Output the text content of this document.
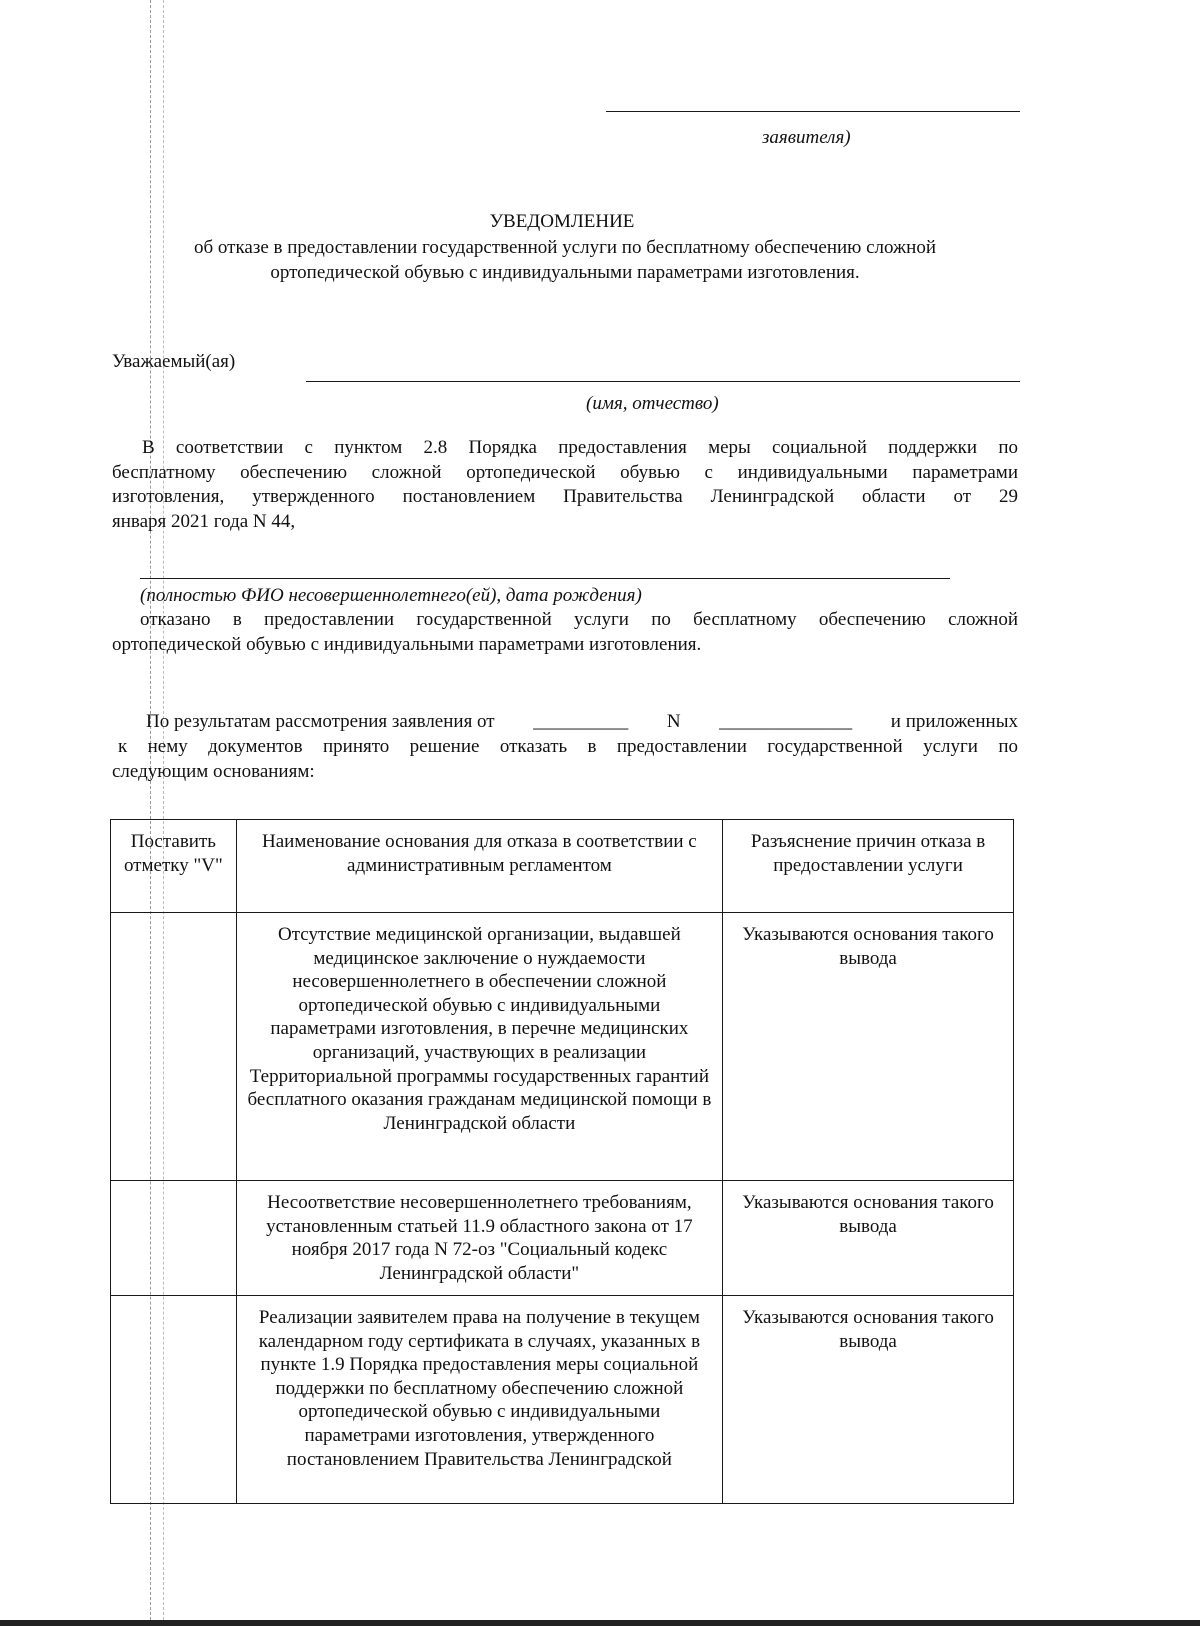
заявителя)
УВЕДОМЛЕНИЕ
об отказе в предоставлении государственной услуги по бесплатному обеспечению сложной
ортопедической обувью с индивидуальными параметрами изготовления.
Уважаемый(ая)
(имя, отчество)
В соответствии с пунктом 2.8 Порядка предоставления меры социальной поддержки по
бесплатному обеспечению сложной ортопедической обувью с индивидуальными параметрами
изготовления, утвержденного постановлением Правительства Ленинградской области от 29
января 2021 года N 44,
(полностью ФИО несовершеннолетнего(ей), дата рождения)
отказано в предоставлении государственной услуги по бесплатному обеспечению сложной
ортопедической обувью с индивидуальными параметрами изготовления.
По результатам рассмотрения заявления от __________ N ______________ и приложенных
к нему документов принято решение отказать в предоставлении государственной услуги по
следующим основаниям:
Поставить отметку "V"	Наименование основания для отказа в соответствии с административным регламентом	Разъяснение причин отказа в предоставлении услуги
	Отсутствие медицинской организации, выдавшей медицинское заключение о нуждаемости несовершеннолетнего в обеспечении сложной ортопедической обувью с индивидуальными параметрами изготовления, в перечне медицинских организаций, участвующих в реализации Территориальной программы государственных гарантий бесплатного оказания гражданам медицинской помощи в Ленинградской области	Указываются основания такого вывода
	Несоответствие несовершеннолетнего требованиям, установленным статьей 11.9 областного закона от 17 ноября 2017 года N 72-оз "Социальный кодекс Ленинградской области"	Указываются основания такого вывода
	Реализации заявителем права на получение в текущем календарном году сертификата в случаях, указанных в пункте 1.9 Порядка предоставления меры социальной поддержки по бесплатному обеспечению сложной ортопедической обувью с индивидуальными параметрами изготовления, утвержденного постановлением Правительства Ленинградской	Указываются основания такого вывода
